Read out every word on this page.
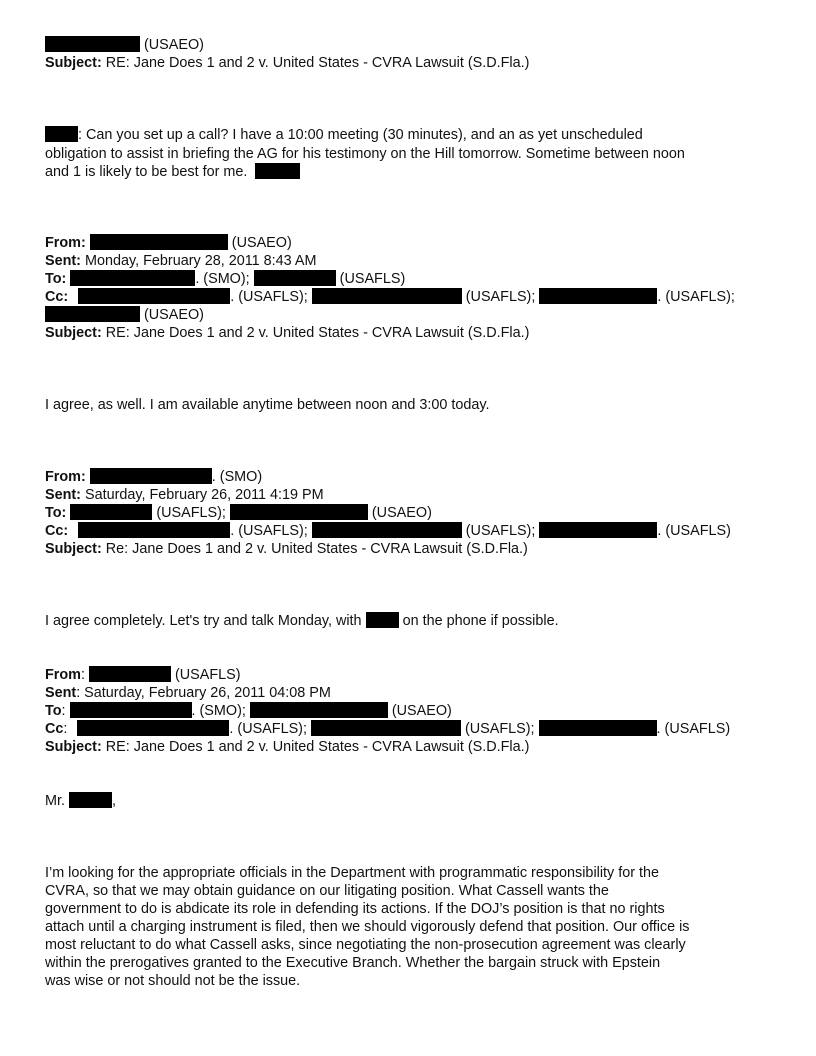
(USAEO)
Subject: RE: Jane Does 1 and 2 v. United States - CVRA Lawsuit (S.D.Fla.)
: Can you set up a call? I have a 10:00 meeting (30 minutes), and an as yet unscheduled
obligation to assist in briefing the AG for his testimony on the Hill tomorrow. Sometime between noon
and 1 is likely to be best for me.
From:	(USAEO)
Sent: Monday, February 28, 2011 8:43 AM
To:	. (SMO);	(USAFLS)
Cc:	. (USAFLS);	(USAFLS);	. (USAFLS);
(USAEO)
Subject: RE: Jane Does 1 and 2 v. United States - CVRA Lawsuit (S.D.Fla.)
I agree, as well. I am available anytime between noon and 3:00 today.
From:	. (SMO)
Sent: Saturday, February 26, 2011 4:19 PM
To:	(USAFLS);	(USAEO)
Cc:	. (USAFLS);	(USAFLS);	. (USAFLS)
Subject: Re: Jane Does 1 and 2 v. United States - CVRA Lawsuit (S.D.Fla.)
I agree completely. Let's try and talk Monday, with	on the phone if possible.
From:	(USAFLS)
Sent: Saturday, February 26, 2011 04:08 PM
To:	. (SMO);	(USAEO)
Cc:	. (USAFLS);	(USAFLS);	. (USAFLS)
Subject: RE: Jane Does 1 and 2 v. United States - CVRA Lawsuit (S.D.Fla.)
Mr.	,
I’m looking for the appropriate officials in the Department with programmatic responsibility for the
CVRA, so that we may obtain guidance on our litigating position. What Cassell wants the
government to do is abdicate its role in defending its actions. If the DOJ’s position is that no rights
attach until a charging instrument is filed, then we should vigorously defend that position. Our office is
most reluctant to do what Cassell asks, since negotiating the non-prosecution agreement was clearly
within the prerogatives granted to the Executive Branch. Whether the bargain struck with Epstein
was wise or not should not be the issue.
